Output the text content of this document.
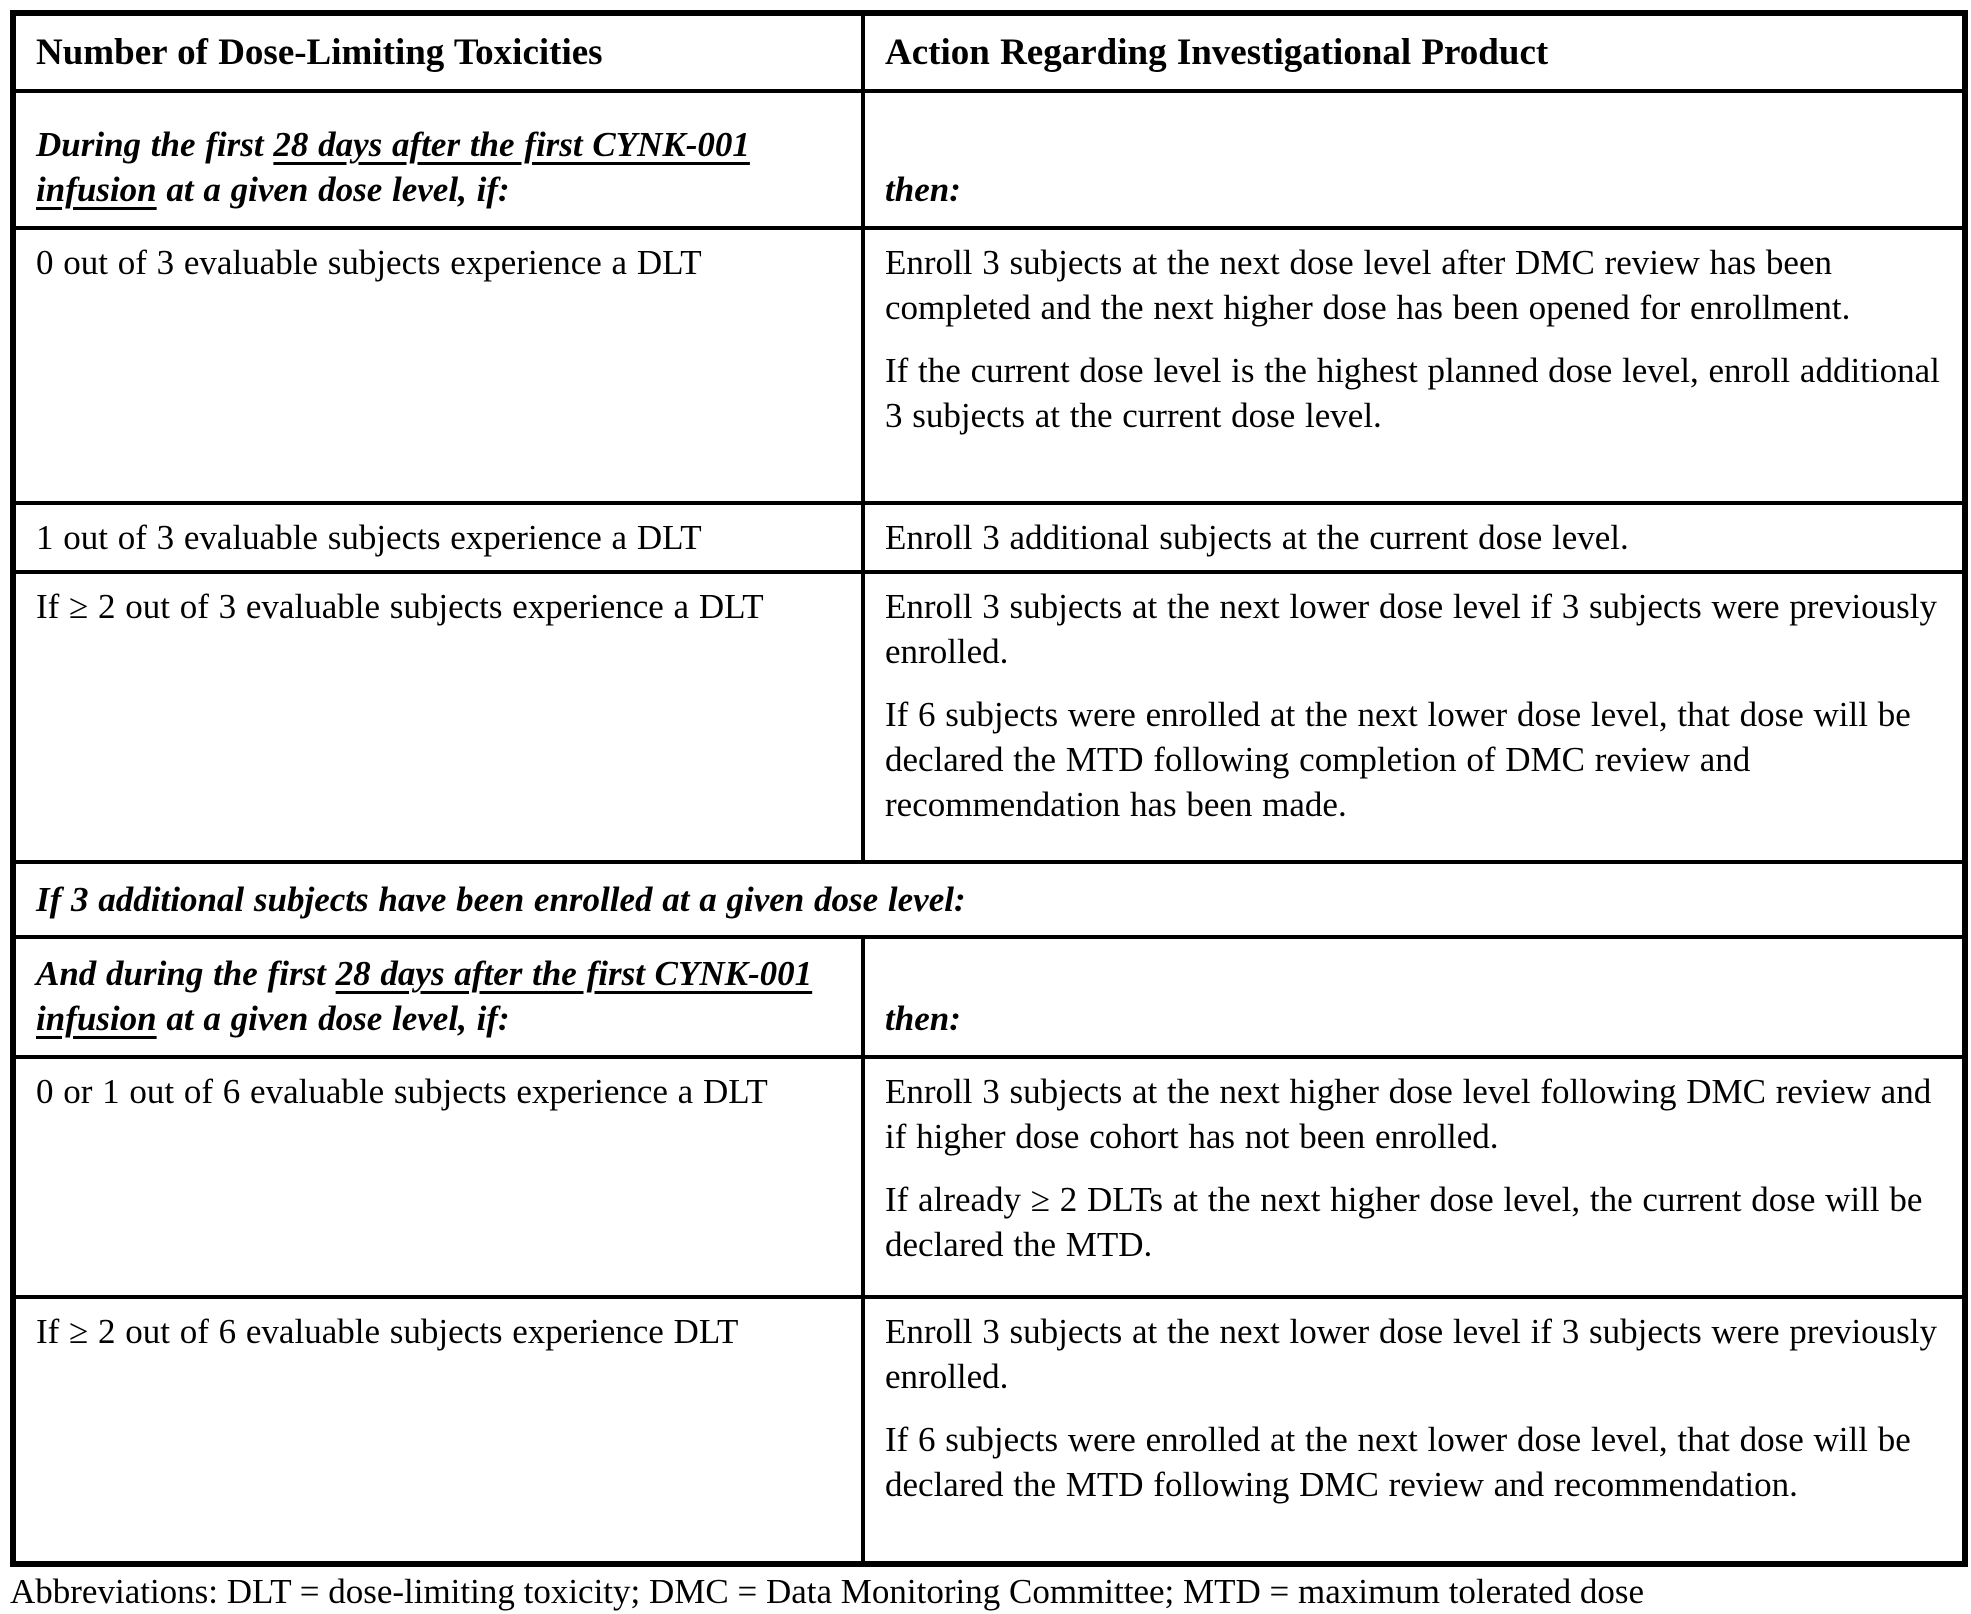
Number of Dose-Limiting Toxicities	Action Regarding Investigational Product
During the first 28 days after the first CYNK-001 infusion at a given dose level, if:	then:
0 out of 3 evaluable subjects experience a DLT	Enroll 3 subjects at the next dose level after DMC review has been completed and the next higher dose has been opened for enrollment.

If the current dose level is the highest planned dose level, enroll additional 3 subjects at the current dose level.

1 out of 3 evaluable subjects experience a DLT	Enroll 3 additional subjects at the current dose level.

If ≥ 2 out of 3 evaluable subjects experience a DLT	Enroll 3 subjects at the next lower dose level if 3 subjects were previously enrolled.

If 6 subjects were enrolled at the next lower dose level, that dose will be declared the MTD following completion of DMC review and recommendation has been made.

If 3 additional subjects have been enrolled at a given dose level:	
And during the first 28 days after the first CYNK-001 infusion at a given dose level, if:	then:
0 or 1 out of 6 evaluable subjects experience a DLT	Enroll 3 subjects at the next higher dose level following DMC review and if higher dose cohort has not been enrolled.

If already ≥ 2 DLTs at the next higher dose level, the current dose will be declared the MTD.

If ≥ 2 out of 6 evaluable subjects experience DLT	Enroll 3 subjects at the next lower dose level if 3 subjects were previously enrolled.

If 6 subjects were enrolled at the next lower dose level, that dose will be declared the MTD following DMC review and recommendation.

Abbreviations: DLT = dose-limiting toxicity; DMC = Data Monitoring Committee; MTD = maximum tolerated dose
